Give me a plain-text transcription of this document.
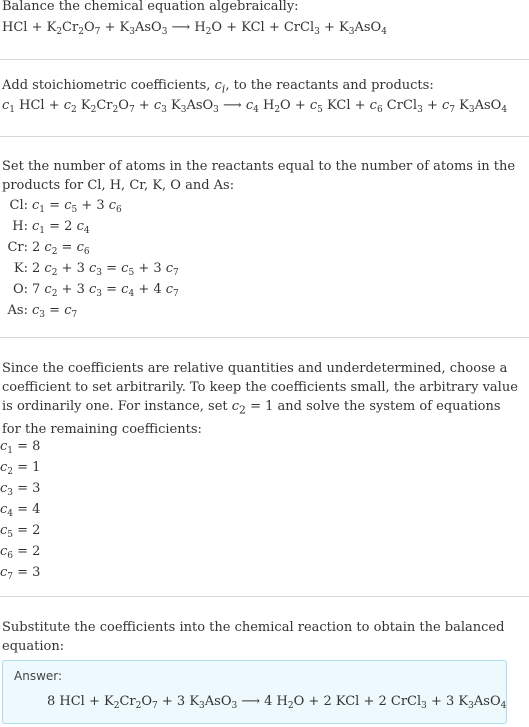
Balance the chemical equation algebraically:
HCl + $K_2Cr_2O_7 + K_3AsO_3$ ⟶ $H_2O$ + KCl + CrCl$_3$ + $K_3AsO_4$
Add stoichiometric coefficients, $c_i$, to the reactants and products:
$c_1$ HCl + $c_2$ $K_2Cr_2O_7 + c_3$ $K_3AsO_3$ ⟶ $c_4$ $H_2O + c_5$ KCl + $c_6$ CrCl$_3$ + $c_7$ $K_3AsO_4$
Set the number of atoms in the reactants equal to the number of atoms in the products for Cl, H, Cr, K, O and As:
Cl: $c_1 = c_5 + 3$ $c_6$
H: $c_1 = 2$ $c_4$
Cr: 2 $c_2 = c_6$
K: 2 $c_2 + 3$ $c_3 = c_5 + 3$ $c_7$
O: 7 $c_2 + 3$ $c_3 = c_4 + 4$ $c_7$
As: $c_3 = c_7$
Since the coefficients are relative quantities and underdetermined, choose a coefficient to set arbitrarily. To keep the coefficients small, the arbitrary value is ordinarily one. For instance, set $c_2 = 1$ and solve the system of equations for the remaining coefficients:
$c_1 = 8$
$c_2 = 1$
$c_3 = 3$
$c_4 = 4$
$c_5 = 2$
$c_6 = 2$
$c_7 = 3$
Substitute the coefficients into the chemical reaction to obtain the balanced equation:
Answer:
8 HCl + $K_2Cr_2O_7 + 3$ $K_3AsO_3$ ⟶ 4 $H_2O + 2$ KCl + 2 CrCl$_3$ + 3 $K_3AsO_4$
